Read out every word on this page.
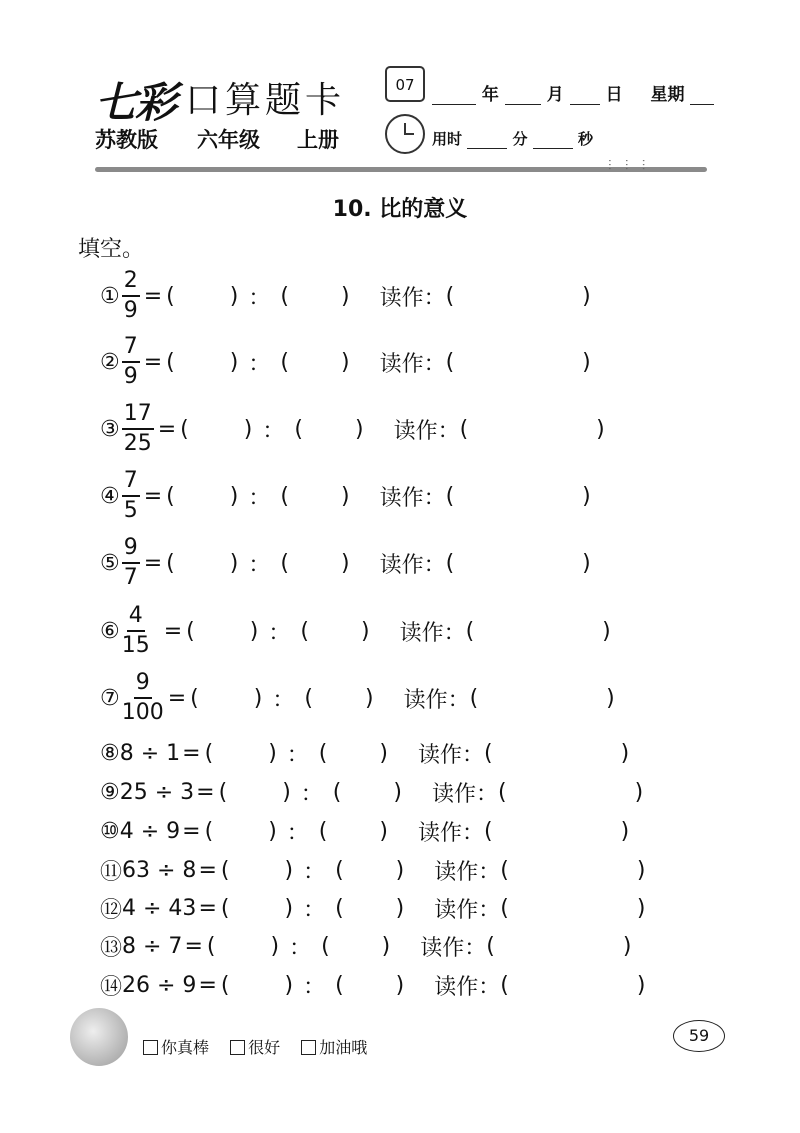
七彩 口算题卡
苏教版 六年级 上册
07	年	月 日 星期
用时	分	秒
⫶   ⫶   ⫶
10. 比的意义
填空。
① $\frac{2}{9}$ = (	) ： ( ) 读作： (	)
② $\frac{7}{9}$ = (	) ： ( ) 读作： (	)
③ $\frac{17}{25}$ = (	) ： ( ) 读作： (	)
④ $\frac{7}{5}$ = (	) ： ( ) 读作： (	)
⑤ $\frac{9}{7}$ = (	) ： ( ) 读作： (	)
⑥ $\frac{4}{15}$ = (	) ： ( ) 读作： (	)
⑦ $\frac{9}{100}$ = (	) ： ( ) 读作： (	)
⑧ 8 ÷ 1 = (	) ： ( ) 读作： (	)
⑨ 25 ÷ 3 = (	) ： ( ) 读作： (	)
⑩ 4 ÷ 9 = (	) ： ( ) 读作： (	)
⑪ 63 ÷ 8 = (	) ： ( ) 读作： (	)
⑫ 4 ÷ 43 = (	) ： ( ) 读作： (	)
⑬ 8 ÷ 7 = (	) ： ( ) 读作： (	)
⑭ 26 ÷ 9 = (	) ： ( ) 读作： (	)
你真棒 很好 加油哦
59
